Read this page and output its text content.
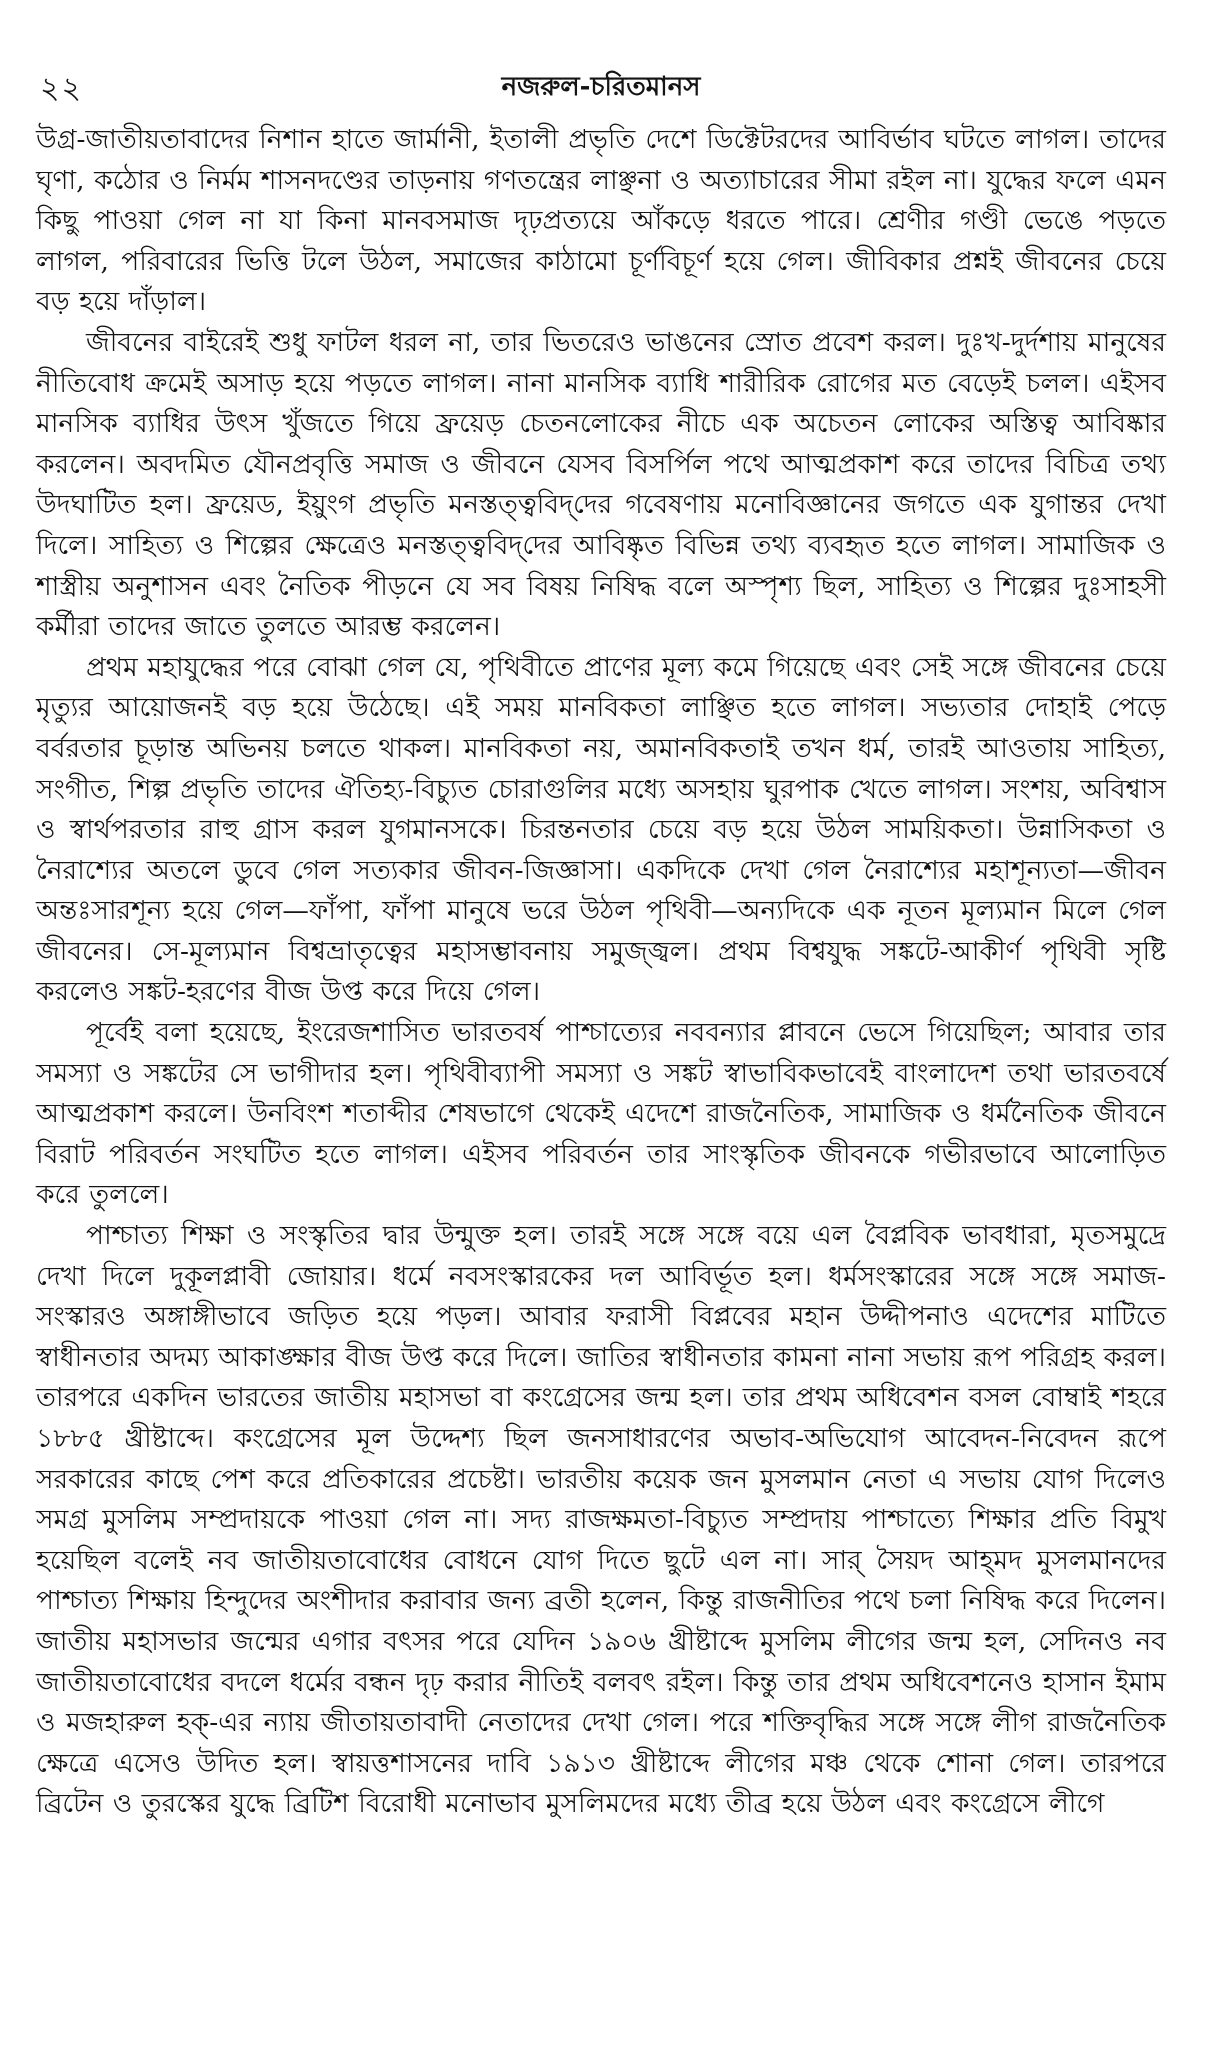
২২	নজরুল-চরিতমানস

উগ্র-জাতীয়তাবাদের নিশান হাতে জার্মানী, ইতালী প্রভৃতি দেশে ডিক্টেটরদের আবির্ভাব ঘটতে লাগল। তাদের ঘৃণা, কঠোর ও নির্মম শাসনদণ্ডের তাড়নায় গণতন্ত্রের লাঞ্ছনা ও অত্যাচারের সীমা রইল না। যুদ্ধের ফলে এমন কিছু পাওয়া গেল না যা কিনা মানবসমাজ দৃঢ়প্রত্যয়ে আঁকড়ে ধরতে পারে। শ্রেণীর গণ্ডী ভেঙে পড়তে লাগল, পরিবারের ভিত্তি টলে উঠল, সমাজের কাঠামো চূর্ণবিচূর্ণ হয়ে গেল। জীবিকার প্রশ্নই জীবনের চেয়ে বড় হয়ে দাঁড়াল।

জীবনের বাইরেই শুধু ফাটল ধরল না, তার ভিতরেও ভাঙনের স্রোত প্রবেশ করল। দুঃখ-দুর্দশায় মানুষের নীতিবোধ ক্রমেই অসাড় হয়ে পড়তে লাগল। নানা মানসিক ব্যাধি শারীরিক রোগের মত বেড়েই চলল। এইসব মানসিক ব্যাধির উৎস খুঁজতে গিয়ে ফ্রয়েড় চেতনলোকের নীচে এক অচেতন লোকের অস্তিত্ব আবিষ্কার করলেন। অবদমিত যৌনপ্রবৃত্তি সমাজ ও জীবনে যেসব বিসর্পিল পথে আত্মপ্রকাশ করে তাদের বিচিত্র তথ্য উদঘাটিত হল। ফ্রয়েড, ইয়ুংগ প্রভৃতি মনস্তত্ত্ববিদ্‌দের গবেষণায় মনোবিজ্ঞানের জগতে এক যুগান্তর দেখা দিলে। সাহিত্য ও শিল্পের ক্ষেত্রেও মনস্তত্ত্ববিদ্‌দের আবিষ্কৃত বিভিন্ন তথ্য ব্যবহৃত হতে লাগল। সামাজিক ও শাস্ত্রীয় অনুশাসন এবং নৈতিক পীড়নে যে সব বিষয় নিষিদ্ধ বলে অস্পৃশ্য ছিল, সাহিত্য ও শিল্পের দুঃসাহসী কর্মীরা তাদের জাতে তুলতে আরম্ভ করলেন।

প্রথম মহাযুদ্ধের পরে বোঝা গেল যে, পৃথিবীতে প্রাণের মূল্য কমে গিয়েছে এবং সেই সঙ্গে জীবনের চেয়ে মৃত্যুর আয়োজনই বড় হয়ে উঠেছে। এই সময় মানবিকতা লাঞ্ছিত হতে লাগল। সভ্যতার দোহাই পেড়ে বর্বরতার চূড়ান্ত অভিনয় চলতে থাকল। মানবিকতা নয়, অমানবিকতাই তখন ধর্ম, তারই আওতায় সাহিত্য, সংগীত, শিল্প প্রভৃতি তাদের ঐতিহ্য-বিচ্যুত চোরাগুলির মধ্যে অসহায় ঘুরপাক খেতে লাগল। সংশয়, অবিশ্বাস ও স্বার্থপরতার রাহু গ্রাস করল যুগমানসকে। চিরন্তনতার চেয়ে বড় হয়ে উঠল সাময়িকতা। উন্নাসিকতা ও নৈরাশ্যের অতলে ডুবে গেল সত্যকার জীবন-জিজ্ঞাসা। একদিকে দেখা গেল নৈরাশ্যের মহাশূন্যতা—জীবন অন্তঃসারশূন্য হয়ে গেল—ফাঁপা, ফাঁপা মানুষে ভরে উঠল পৃথিবী—অন্যদিকে এক নূতন মূল্যমান মিলে গেল জীবনের। সে-মূল্যমান বিশ্বভ্রাতৃত্বের মহাসম্ভাবনায় সমুজ্জ্বল। প্রথম বিশ্বযুদ্ধ সঙ্কটে-আকীর্ণ পৃথিবী সৃষ্টি করলেও সঙ্কট-হরণের বীজ উপ্ত করে দিয়ে গেল।

পূর্বেই বলা হয়েছে, ইংরেজশাসিত ভারতবর্ষ পাশ্চাত্যের নববন্যার প্লাবনে ভেসে গিয়েছিল; আবার তার সমস্যা ও সঙ্কটের সে ভাগীদার হল। পৃথিবীব্যাপী সমস্যা ও সঙ্কট স্বাভাবিকভাবেই বাংলাদেশ তথা ভারতবর্ষে আত্মপ্রকাশ করলে। উনবিংশ শতাব্দীর শেষভাগে থেকেই এদেশে রাজনৈতিক, সামাজিক ও ধর্মনৈতিক জীবনে বিরাট পরিবর্তন সংঘটিত হতে লাগল। এইসব পরিবর্তন তার সাংস্কৃতিক জীবনকে গভীরভাবে আলোড়িত করে তুললে।

পাশ্চাত্য শিক্ষা ও সংস্কৃতির দ্বার উন্মুক্ত হল। তারই সঙ্গে সঙ্গে বয়ে এল বৈপ্লবিক ভাবধারা, মৃতসমুদ্রে দেখা দিলে দুকূলপ্লাবী জোয়ার। ধর্মে নবসংস্কারকের দল আবির্ভূত হল। ধর্মসংস্কারের সঙ্গে সঙ্গে সমাজ-সংস্কারও অঙ্গাঙ্গীভাবে জড়িত হয়ে পড়ল। আবার ফরাসী বিপ্লবের মহান উদ্দীপনাও এদেশের মাটিতে স্বাধীনতার অদম্য আকাঙ্ক্ষার বীজ উপ্ত করে দিলে। জাতির স্বাধীনতার কামনা নানা সভায় রূপ পরিগ্রহ করল। তারপরে একদিন ভারতের জাতীয় মহাসভা বা কংগ্রেসের জন্ম হল। তার প্রথম অধিবেশন বসল বোম্বাই শহরে ১৮৮৫ খ্রীষ্টাব্দে। কংগ্রেসের মূল উদ্দেশ্য ছিল জনসাধারণের অভাব-অভিযোগ আবেদন-নিবেদন রূপে সরকারের কাছে পেশ করে প্রতিকারের প্রচেষ্টা। ভারতীয় কয়েক জন মুসলমান নেতা এ সভায় যোগ দিলেও সমগ্র মুসলিম সম্প্রদায়কে পাওয়া গেল না। সদ্য রাজক্ষমতা-বিচ্যুত সম্প্রদায় পাশ্চাত্যে শিক্ষার প্রতি বিমুখ হয়েছিল বলেই নব জাতীয়তাবোধের বোধনে যোগ দিতে ছুটে এল না। সার্ সৈয়দ আহ্‌মদ মুসলমানদের পাশ্চাত্য শিক্ষায় হিন্দুদের অংশীদার করাবার জন্য ব্রতী হলেন, কিন্তু রাজনীতির পথে চলা নিষিদ্ধ করে দিলেন। জাতীয় মহাসভার জন্মের এগার বৎসর পরে যেদিন ১৯০৬ খ্রীষ্টাব্দে মুসলিম লীগের জন্ম হল, সেদিনও নব জাতীয়তাবোধের বদলে ধর্মের বন্ধন দৃঢ় করার নীতিই বলবৎ রইল। কিন্তু তার প্রথম অধিবেশনেও হাসান ইমাম ও মজহারুল হক্-এর ন্যায় জীতায়তাবাদী নেতাদের দেখা গেল। পরে শক্তিবৃদ্ধির সঙ্গে সঙ্গে লীগ রাজনৈতিক ক্ষেত্রে এসেও উদিত হল। স্বায়ত্তশাসনের দাবি ১৯১৩ খ্রীষ্টাব্দে লীগের মঞ্চ থেকে শোনা গেল। তারপরে ব্রিটেন ও তুরস্কের যুদ্ধে ব্রিটিশ বিরোধী মনোভাব মুসলিমদের মধ্যে তীব্র হয়ে উঠল এবং কংগ্রেসে লীগে
